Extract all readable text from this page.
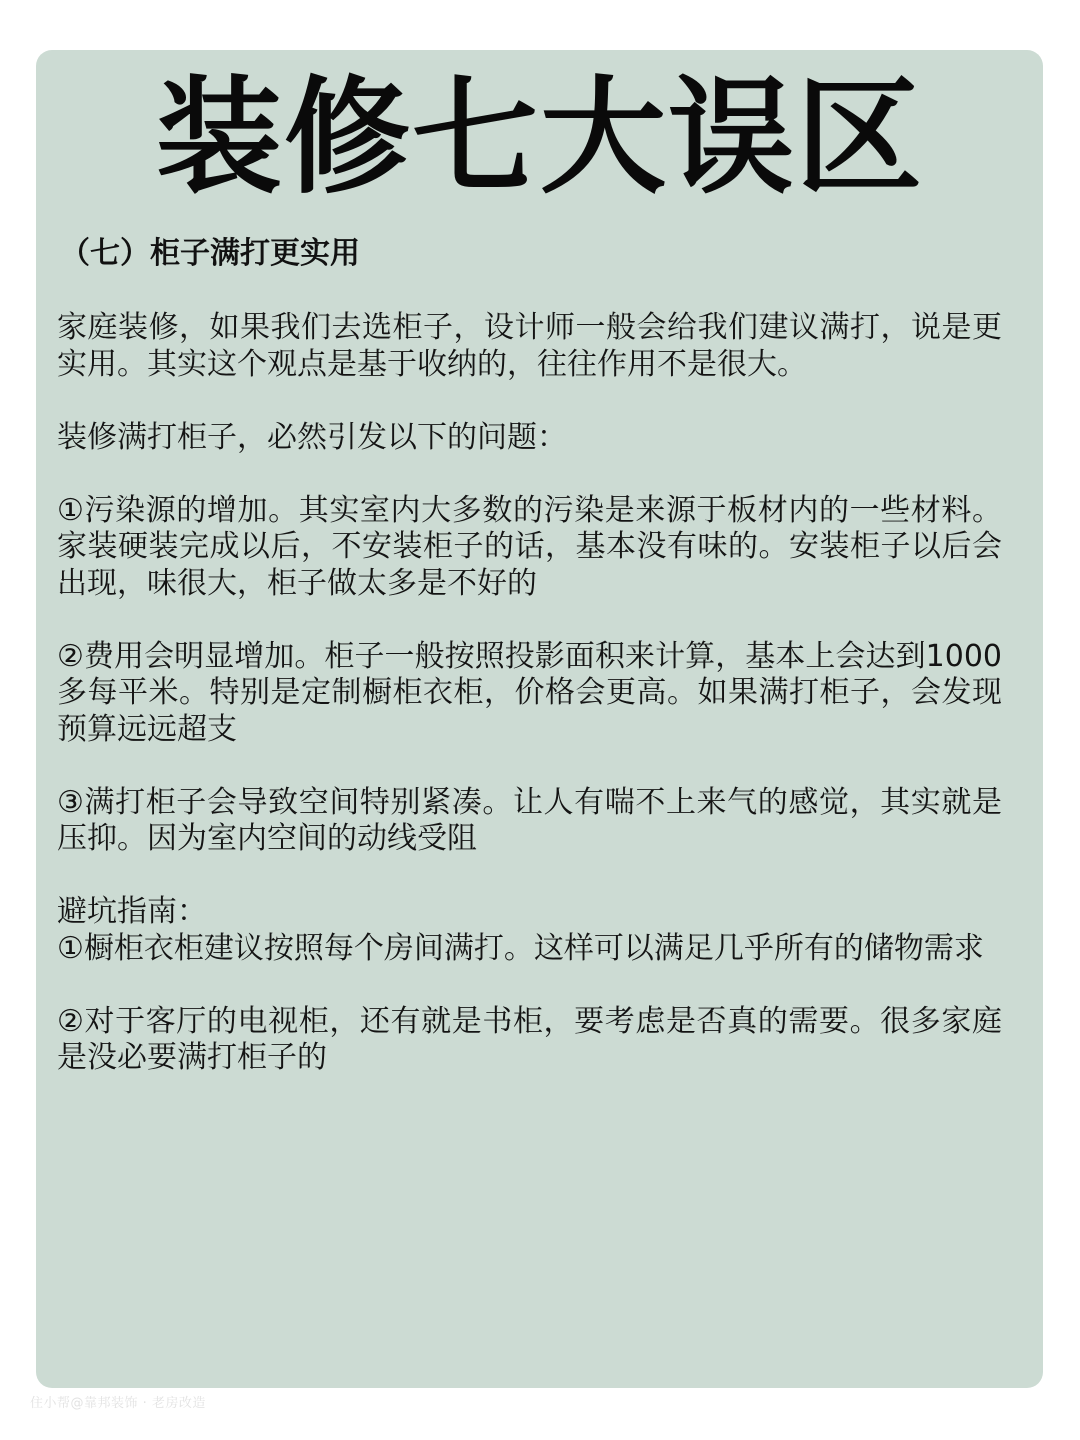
装修七大误区
（七）柜子满打更实用

家庭装修，如果我们去选柜子，设计师一般会给我们建议满打，说是更实用。其实这个观点是基于收纳的，往往作用不是很大。

装修满打柜子，必然引发以下的问题：

①污染源的增加。其实室内大多数的污染是来源于板材内的一些材料。家装硬装完成以后，不安装柜子的话，基本没有味的。安装柜子以后会出现，味很大，柜子做太多是不好的

②费用会明显增加。柜子一般按照投影面积来计算，基本上会达到1000多每平米。特别是定制橱柜衣柜，价格会更高。如果满打柜子，会发现预算远远超支

③满打柜子会导致空间特别紧凑。让人有喘不上来气的感觉，其实就是压抑。因为室内空间的动线受阻

避坑指南：

①橱柜衣柜建议按照每个房间满打。这样可以满足几乎所有的储物需求

②对于客厅的电视柜，还有就是书柜，要考虑是否真的需要。很多家庭是没必要满打柜子的

住小帮@靠邦装饰 · 老房改造
